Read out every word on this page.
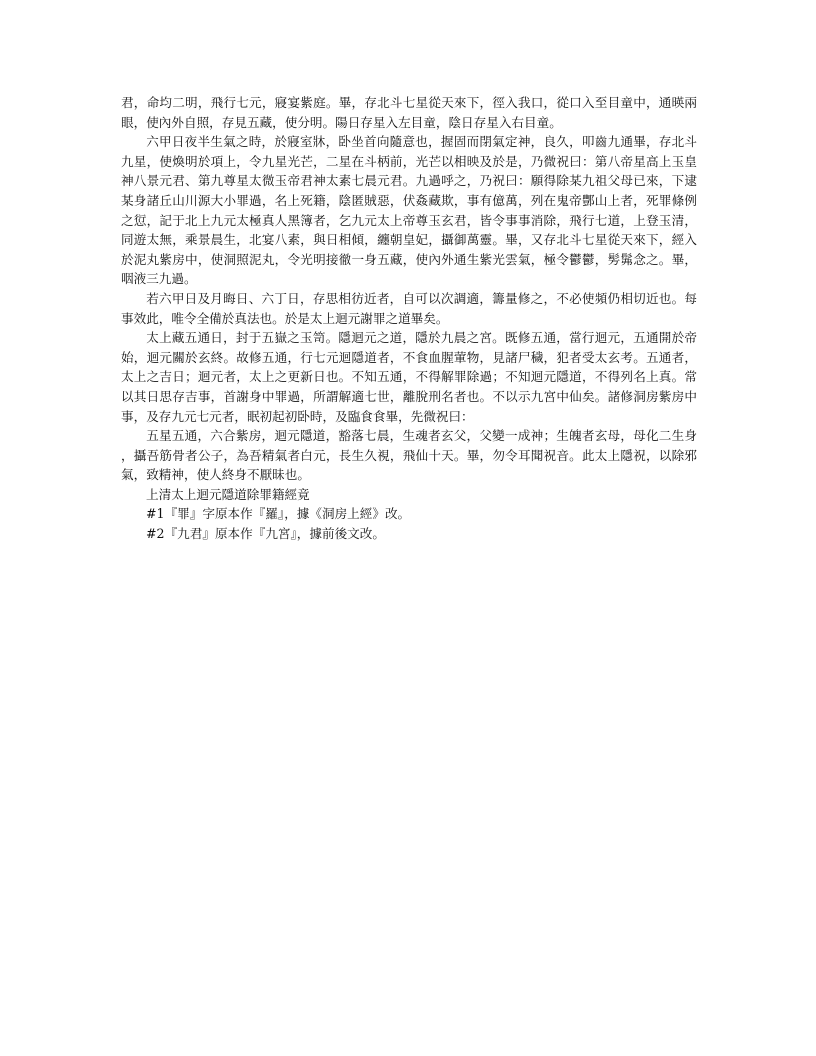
君，命均二明，飛行七元，寢宴紫庭。畢，存北斗七星從天來下，徑入我口，從口入至目童中，通暎兩眼，使內外自照，存見五藏，使分明。陽日存星入左目童，陰日存星入右目童。

六甲日夜半生氣之時，於寢室牀，卧坐首向隨意也，握固而閉氣定神，良久，叩齒九通畢，存北斗九星，使煥明於項上，令九星光芒，二星在斗柄前，光芒以相映及於是，乃微祝曰：第八帝星高上玉皇神八景元君、第九尊星太微玉帝君神太素七晨元君。九過呼之，乃祝曰：願得除某九祖父母已來，下逮某身諸丘山川源大小罪過，名上死籍，陰匿賊惡，伏姦藏欺，事有億萬，列在鬼帝酆山上者，死罪條例之愆，記于北上九元太極真人黑簿者，乞九元太上帝尊玉玄君，皆令事事消除，飛行七道，上登玉清，同遊太無，乘景晨生，北宴八素，與日相傾，纏朝皇妃，攝御萬靈。畢，又存北斗七星從天來下，經入於泥丸紫房中，使洞照泥丸，令光明接徹一身五藏，使內外通生紫光雲氣，極令鬱鬱，髣髴念之。畢，咽液三九過。

若六甲日及月晦日、六丁日，存思相彷近者，自可以次調適，籌量修之，不必使頻仍相切近也。每事效此，唯令全備於真法也。於是太上迴元謝罪之道畢矣。

太上藏五通日，封于五嶽之玉笥。隱迴元之道，隱於九晨之宮。既修五通，當行迴元，五通開於帝始，迴元關於玄終。故修五通，行七元迴隱道者，不食血腥葷物，見諸尸穢，犯者受太玄考。五通者，太上之吉日；迴元者，太上之更新日也。不知五通，不得解罪除過；不知迴元隱道，不得列名上真。常以其日思存吉事，首謝身中罪過，所謂解適七世，離脫刑名者也。不以示九宮中仙矣。諸修洞房紫房中事，及存九元七元者，眠初起初卧時，及臨食食畢，先微祝曰：

五星五通，六合紫房，迴元隱道，豁落七晨，生魂者玄父，父變一成神；生魄者玄母，母化二生身，攝吾筋骨者公子，為吾精氣者白元，長生久視，飛仙十天。畢，勿令耳聞祝音。此太上隱祝，以除邪氣，致精神，使人終身不厭昧也。

上清太上迴元隱道除罪籍經竟

#1『罪』字原本作『羅』，據《洞房上經》改。

#2『九君』原本作『九宮』，據前後文改。
